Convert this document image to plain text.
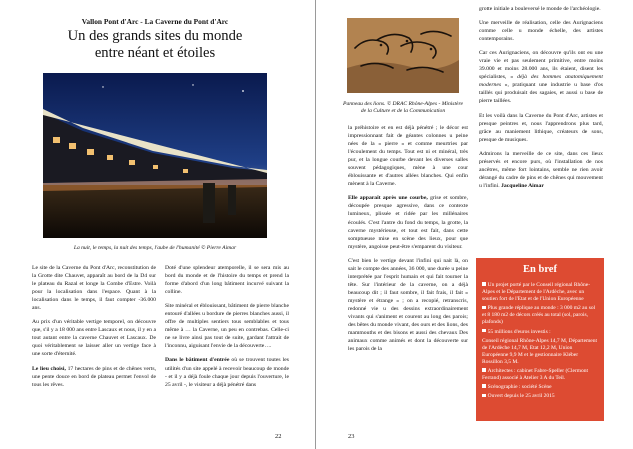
Vallon Pont d'Arc - La Caverne du Pont d'Arc
Un des grands sites du monde
entre néant et étoiles
La nuit, le temps, la nuit des temps, l'aube de l'humanité © Pierre Aimar

Le site de la Caverne du Pont d'Arc, reconstitution de la Grotte dite Chauvet, apparaît au bord de la D4 sur le plateau du Razal et longe la Combe d'Estre. Voilà pour la localisation dans l'espace. Quant à la localisation dans le temps, il faut compter -36.000 ans.

Au prix d'un véritable vertige temporel, on découvre que, s'il y a 18 000 ans entre Lascaux et nous, il y en a tout autant entre la caverne Chauvet et Lascaux. De quoi véritablement se laisser aller un vertige face à une sorte d'éternité.

Le lieu choisi, 17 hectares de pins et de chênes verts, une pente douce en bord de plateau permet l'envol de tous les rêves.

Doté d'une splendeur atemporelle, il se sera mis au bord du monde et de l'histoire du temps et prend la forme d'abord d'un long bâtiment incurvé suivant la colline.

Site minéral et éblouissant, bâtiment de pierre blanche entouré d'allées u bordure de pierres blanches aussi, il offre de multiples sentiers tous semblables et tous même à … la Caverne, un peu en contrebas. Celle-ci ne se livre ainsi pas tout de suite, gardant l'attrait de l'inconnu, aiguisant l'envie de la découverte….

Dans le bâtiment d'entrée où se trouvent toutes les utilités d'un site appelé à recevoir beaucoup de monde - et il y a déjà foule chaque jour depuis l'ouverture, le 25 avril -, le visiteur a déjà pénétré dans

22
Panneau des lions. © DRAC Rhône-Alpes - Ministère de la Culture et de la Communication

la préhistoire et en est déjà pénétré ; le décor est impressionnant fait de géantes colonnes u peine nées de la « pierre » et comme meurtries par l'écoulement du temps. Tout est ni et minéral, très pur, et la longue courbe devant les diverses salles souvent pédagogiques, mène à une cour éblouissante et d'autres allées blanches. Qui enfin mènent à la Caverne.

Elle apparaît après une courbe, grise et sombre, découpée presque agressive, dans ce contexte lumineux, plissée et ridée par les millénaires écoulés. C'est l'antre du fond du temps, la grotte, la caverne mystérieuse, et tout est fait, dans cette somptueuse mise en scène des lieux, pour que mystère, angoisse peut-être s'emparent du visiteur.

C'est bien le vertige devant l'infini qui nait là, on sait le compte des années, 36 000, une durée u peine interprétée par l'esprit humain et qui fait tourner la tête. Sur l'intérieur de la caverne, on a déjà beaucoup dit ; il faut sombre, il fait frais, il fait « mystère et étrange » ; on a recopié, retranscris, redonné vie u des dessins extraordinairement vivants qui s'animent et courent au long des parois; des bêtes du monde vivant, des ours et des lions, des mammouths et des bisons et aussi des chevaux Des animaux comme animés et dont la découverte sur les parois de la

grotte initiale a bouleversé le monde de l'archéologie.

Une merveille de réalisation, celle des Aurignaciens comme celle u monde échelle, des artistes contemporains.

Car ces Aurignaciens, on découvre qu'ils ont eu une vraie vie et pas seulement primitive, entre moins 39.000 et moins 28.000 ans, ils étaient, disent les spécialistes, « déjà des hommes anatomiquement modernes », pratiquant une industrie u base d'os taillés qui produisait des sagaies, et aussi u base de pierre taillées.

Et les voilà dans la Caverne du Pont d'Arc, artistes et presque peintres et, nous l'apprendrons plus tard, grâce au maniement lithique, créateurs de sons, presque de musiques.

Admirons la merveille de ce site, dans ces lieux préservés et encore purs, où l'installation de nos ancêtres, même fort lointains, semble ne rien avoir dérangé du cadre de pins et de chênes qui mouvement u l'infini. Jacqueline Aimar

En bref
Un projet porté par le Conseil régional Rhône-Alpes et le Département de l'Ardèche, avec un soutien fort de l'Etat et de l'Union Européenne
Plus grande réplique au monde : 3 000 m2 au sol et 8 180 m2 de décors créés au total (sol, parois, plafonds)
55 millions d'euros investis :
Conseil régional Rhône-Alpes 14,7 M, Département de l'Ardèche 14,7 M, Etat 12,2 M, Union Européenne 9,9 M et le gestionnaire Kléber Rossillon 3,5 M.
Architectes : cabinet Fabre-Speller (Clermont Ferrand) associé à Atelier 3 A du Teil.
Scénographie : société Scène
Ouvert depuis le 25 avril 2015
23
